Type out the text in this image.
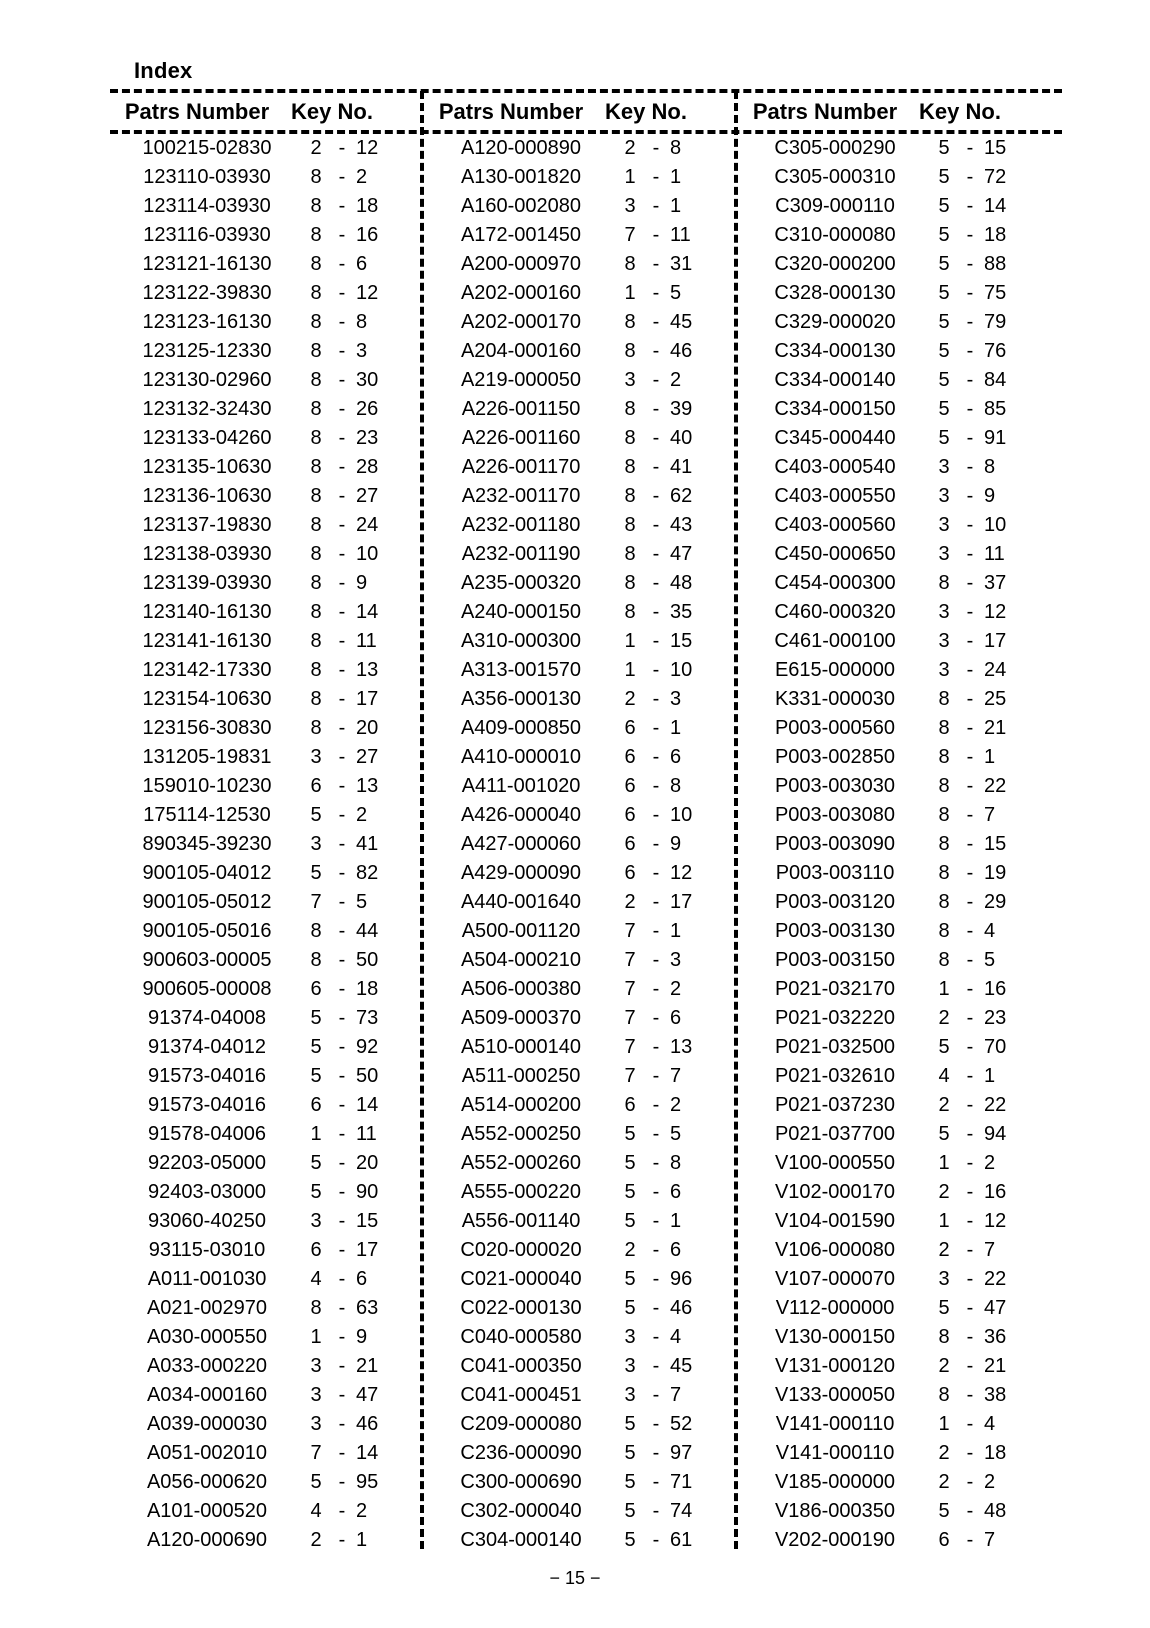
Index
Patrs Number Key No.
100215-02830	2 - 12
123110-03930	8 - 2
123114-03930	8 - 18
123116-03930	8 - 16
123121-16130	8 - 6
123122-39830	8 - 12
123123-16130	8 - 8
123125-12330	8 - 3
123130-02960	8 - 30
123132-32430	8 - 26
123133-04260	8 - 23
123135-10630	8 - 28
123136-10630	8 - 27
123137-19830	8 - 24
123138-03930	8 - 10
123139-03930	8 - 9
123140-16130	8 - 14
123141-16130	8 - 11
123142-17330	8 - 13
123154-10630	8 - 17
123156-30830	8 - 20
131205-19831	3 - 27
159010-10230	6 - 13
175114-12530	5 - 2
890345-39230	3 - 41
900105-04012	5 - 82
900105-05012	7 - 5
900105-05016	8 - 44
900603-00005	8 - 50
900605-00008	6 - 18
91374-04008	5 - 73
91374-04012	5 - 92
91573-04016	5 - 50
91573-04016	6 - 14
91578-04006	1 - 11
92203-05000	5 - 20
92403-03000	5 - 90
93060-40250	3 - 15
93115-03010	6 - 17
A011-001030	4 - 6
A021-002970	8 - 63
A030-000550	1 - 9
A033-000220	3 - 21
A034-000160	3 - 47
A039-000030	3 - 46
A051-002010	7 - 14
A056-000620	5 - 95
A101-000520	4 - 2
A120-000690	2 - 1
Patrs Number Key No.
A120-000890	2 - 8
A130-001820	1 - 1
A160-002080	3 - 1
A172-001450	7 - 11
A200-000970	8 - 31
A202-000160	1 - 5
A202-000170	8 - 45
A204-000160	8 - 46
A219-000050	3 - 2
A226-001150	8 - 39
A226-001160	8 - 40
A226-001170	8 - 41
A232-001170	8 - 62
A232-001180	8 - 43
A232-001190	8 - 47
A235-000320	8 - 48
A240-000150	8 - 35
A310-000300	1 - 15
A313-001570	1 - 10
A356-000130	2 - 3
A409-000850	6 - 1
A410-000010	6 - 6
A411-001020	6 - 8
A426-000040	6 - 10
A427-000060	6 - 9
A429-000090	6 - 12
A440-001640	2 - 17
A500-001120	7 - 1
A504-000210	7 - 3
A506-000380	7 - 2
A509-000370	7 - 6
A510-000140	7 - 13
A511-000250	7 - 7
A514-000200	6 - 2
A552-000250	5 - 5
A552-000260	5 - 8
A555-000220	5 - 6
A556-001140	5 - 1
C020-000020	2 - 6
C021-000040	5 - 96
C022-000130	5 - 46
C040-000580	3 - 4
C041-000350	3 - 45
C041-000451	3 - 7
C209-000080	5 - 52
C236-000090	5 - 97
C300-000690	5 - 71
C302-000040	5 - 74
C304-000140	5 - 61
Patrs Number Key No.
C305-000290	5 - 15
C305-000310	5 - 72
C309-000110	5 - 14
C310-000080	5 - 18
C320-000200	5 - 88
C328-000130	5 - 75
C329-000020	5 - 79
C334-000130	5 - 76
C334-000140	5 - 84
C334-000150	5 - 85
C345-000440	5 - 91
C403-000540	3 - 8
C403-000550	3 - 9
C403-000560	3 - 10
C450-000650	3 - 11
C454-000300	8 - 37
C460-000320	3 - 12
C461-000100	3 - 17
E615-000000	3 - 24
K331-000030	8 - 25
P003-000560	8 - 21
P003-002850	8 - 1
P003-003030	8 - 22
P003-003080	8 - 7
P003-003090	8 - 15
P003-003110	8 - 19
P003-003120	8 - 29
P003-003130	8 - 4
P003-003150	8 - 5
P021-032170	1 - 16
P021-032220	2 - 23
P021-032500	5 - 70
P021-032610	4 - 1
P021-037230	2 - 22
P021-037700	5 - 94
V100-000550	1 - 2
V102-000170	2 - 16
V104-001590	1 - 12
V106-000080	2 - 7
V107-000070	3 - 22
V112-000000	5 - 47
V130-000150	8 - 36
V131-000120	2 - 21
V133-000050	8 - 38
V141-000110	1 - 4
V141-000110	2 - 18
V185-000000	2 - 2
V186-000350	5 - 48
V202-000190	6 - 7
− 15 −
